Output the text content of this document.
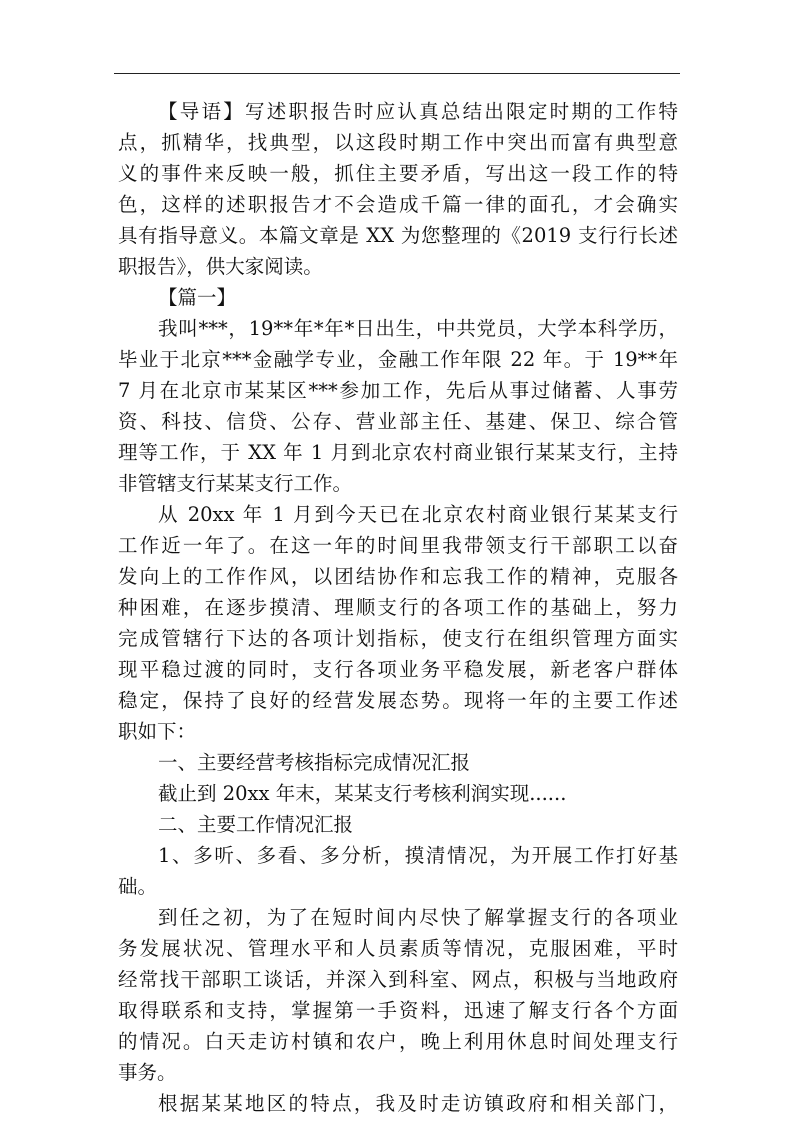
【导语】写述职报告时应认真总结出限定时期的工作特
点，抓精华，找典型，以这段时期工作中突出而富有典型意
义的事件来反映一般，抓住主要矛盾，写出这一段工作的特
色，这样的述职报告才不会造成千篇一律的面孔，才会确实
具有指导意义。本篇文章是 XX 为您整理的《2019 支行行长述
职报告》，供大家阅读。
【篇一】
我叫***，19**年*年*日出生，中共党员，大学本科学历，
毕业于北京***金融学专业，金融工作年限 22 年。于 19**年
7 月在北京市某某区***参加工作，先后从事过储蓄、人事劳
资、科技、信贷、公存、营业部主任、基建、保卫、综合管
理等工作，于 XX 年 1 月到北京农村商业银行某某支行，主持
非管辖支行某某支行工作。
从 20xx 年 1 月到今天已在北京农村商业银行某某支行
工作近一年了。在这一年的时间里我带领支行干部职工以奋
发向上的工作作风，以团结协作和忘我工作的精神，克服各
种困难，在逐步摸清、理顺支行的各项工作的基础上，努力
完成管辖行下达的各项计划指标，使支行在组织管理方面实
现平稳过渡的同时，支行各项业务平稳发展，新老客户群体
稳定，保持了良好的经营发展态势。现将一年的主要工作述
职如下：
一、主要经营考核指标完成情况汇报
截止到 20xx 年末，某某支行考核利润实现......
二、主要工作情况汇报
1、多听、多看、多分析，摸清情况，为开展工作打好基
础。
到任之初，为了在短时间内尽快了解掌握支行的各项业
务发展状况、管理水平和人员素质等情况，克服困难，平时
经常找干部职工谈话，并深入到科室、网点，积极与当地政府
取得联系和支持，掌握第一手资料，迅速了解支行各个方面
的情况。白天走访村镇和农户，晚上利用休息时间处理支行
事务。
根据某某地区的特点，我及时走访镇政府和相关部门，
